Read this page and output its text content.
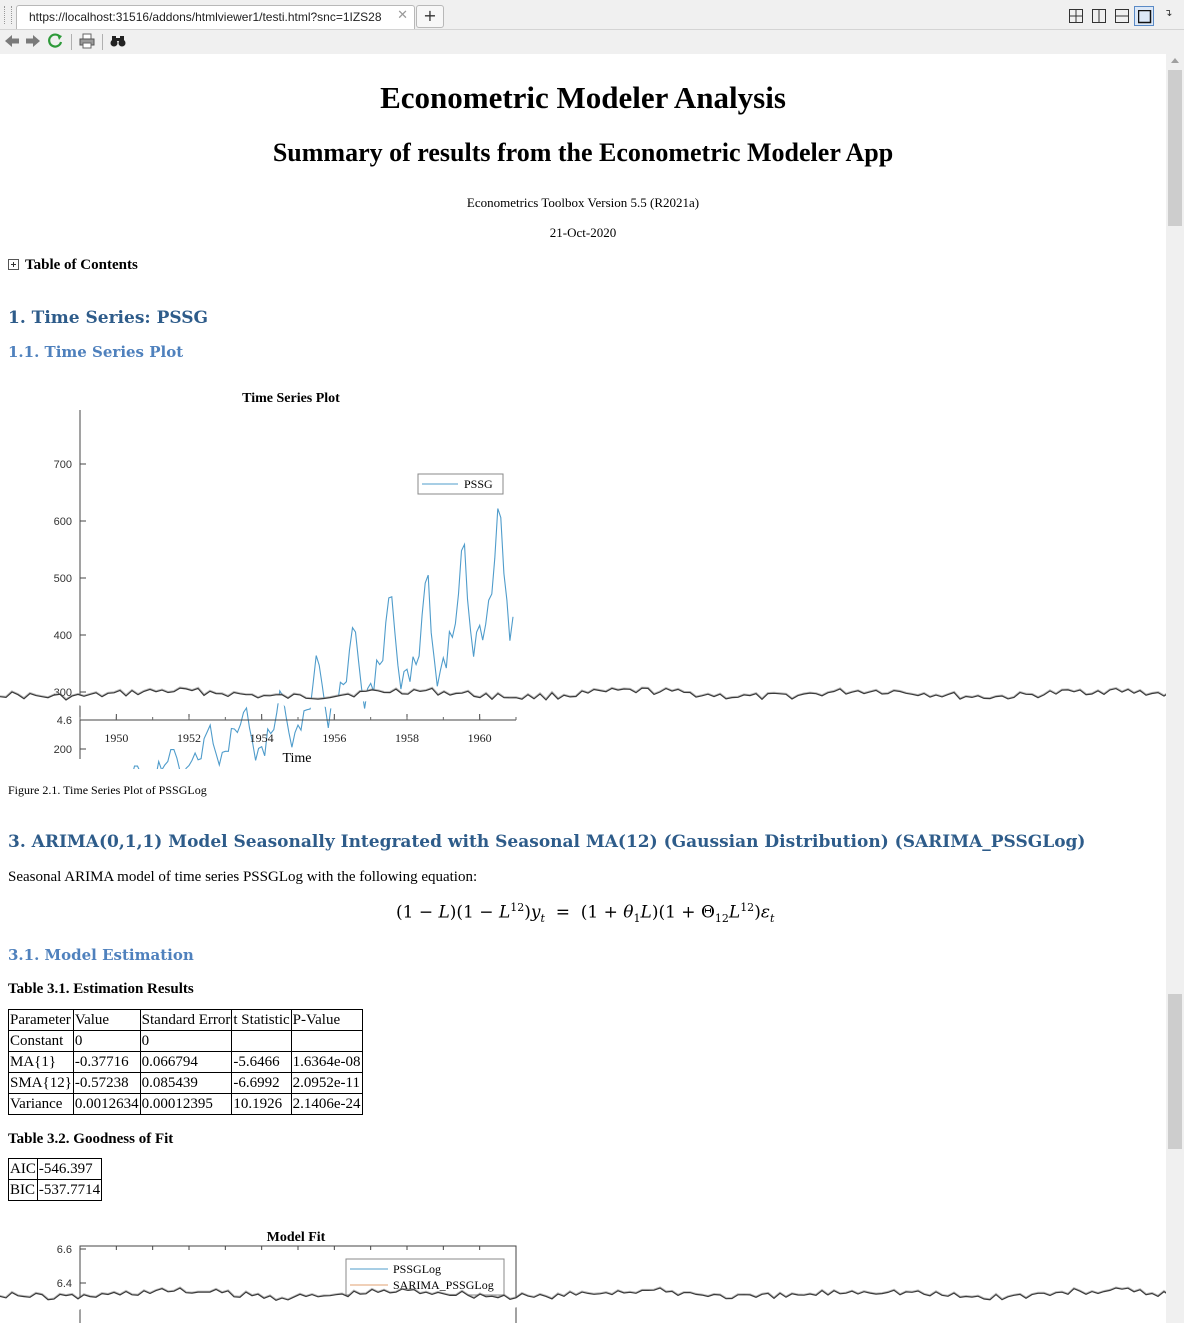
https://localhost:31516/addons/htmlviewer1/testi.html?snc=1IZS28 ✕ +	↴
Econometric Modeler Analysis
Summary of results from the Econometric Modeler App
Econometrics Toolbox Version 5.5 (R2021a)
21-Oct-2020
Table of Contents
1. Time Series: PSSG
1.1. Time Series Plot
Time Series Plot
200
300
400
500
600
700
PSSG
4.6
1950	1952	1954	1956	1958	1960
Time
Figure 2.1. Time Series Plot of PSSGLog
3. ARIMA(0,1,1) Model Seasonally Integrated with Seasonal MA(12) (Gaussian Distribution) (SARIMA_PSSGLog)
Seasonal ARIMA model of time series PSSGLog with the following equation:
$(1 - L)(1 - L^{12})y_t = (1 + \theta_1L)(1 + \Theta_{12}L^{12})\varepsilon_t$
3.1. Model Estimation
Table 3.1. Estimation Results
Parameter	Value	Standard Error	t Statistic	P-Value
Constant	0	0		
MA{1}	-0.37716	0.066794	-5.6466	1.6364e-08
SMA{12}	-0.57238	0.085439	-6.6992	2.0952e-11
Variance	0.0012634	0.00012395	10.1926	2.1406e-24
Table 3.2. Goodness of Fit
AIC	-546.397
BIC	-537.7714
Model Fit
6.6
6.4
PSSGLog
SARIMA_PSSGLog
